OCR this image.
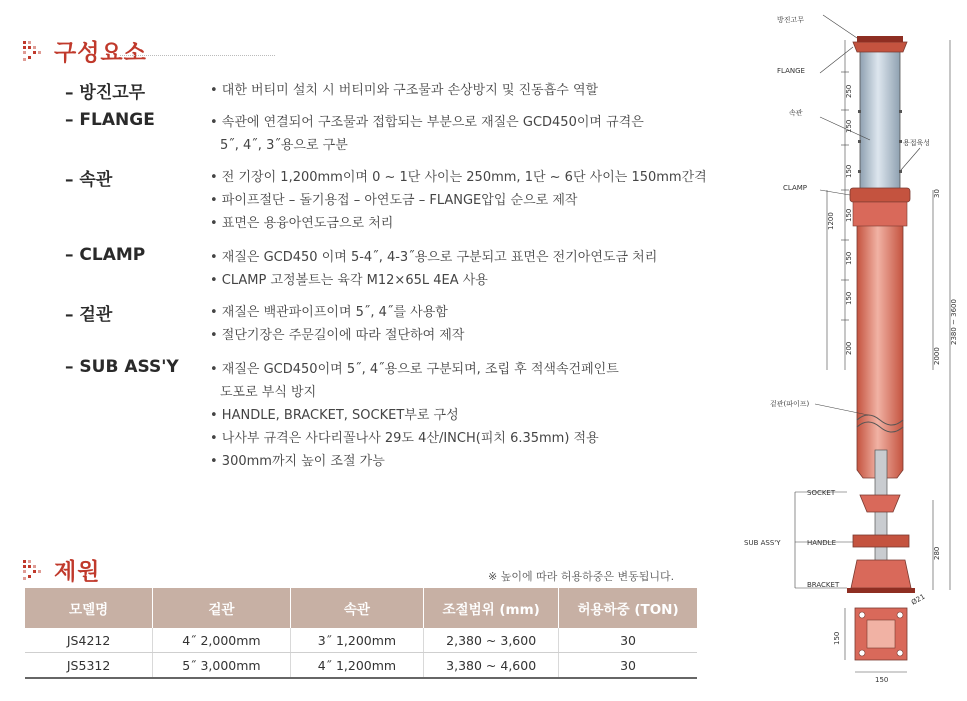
구성요소
– 방진고무	• 대한 버티미 설치 시 버티미와 구조물과 손상방지 및 진동흡수 역할
– FLANGE	• 속관에 연결되어 구조물과 접합되는 부분으로 재질은 GCD450이며 규격은
5˝, 4˝, 3˝용으로 구분
– 속관	• 전 기장이 1,200mm이며 0 ~ 1단 사이는 250mm, 1단 ~ 6단 사이는 150mm간격
• 파이프절단 – 돌기용접 – 아연도금 – FLANGE압입 순으로 제작
• 표면은 용융아연도금으로 처리
– CLAMP	• 재질은 GCD450 이며 5-4˝, 4-3˝용으로 구분되고 표면은 전기아연도금 처리
• CLAMP 고정볼트는 육각 M12×65L 4EA 사용
– 겉관	• 재질은 백관파이프이며 5˝, 4˝를 사용함
• 절단기장은 주문길이에 따라 절단하여 제작
– SUB ASS'Y • 재질은 GCD450이며 5˝, 4˝용으로 구분되며, 조립 후 적색속건페인트
도포로 부식 방지
• HANDLE, BRACKET, SOCKET부로 구성
• 나사부 규격은 사다리꼴나사 29도 4산/INCH(피치 6.35mm) 적용
• 300mm까지 높이 조절 가능
제원	※ 높이에 따라 허용하중은 변동됩니다.
모델명	겉관	속관	조절범위 (mm)	허용하중 (TON)
JS4212	4˝ 2,000mm	3˝ 1,200mm	2,380 ~ 3,600	30
JS5312	5˝ 3,000mm	4˝ 1,200mm	3,380 ~ 4,600	30
방진고무
FLANGE
속관
용접육성
CLAMP
겉관(파이프)
SOCKET
SUB ASS'Y	HANDLE
BRACKET
250
150
150
150
150
150
200
1200
30
2000
2380 ~ 3600
280
150
Ø21
150
